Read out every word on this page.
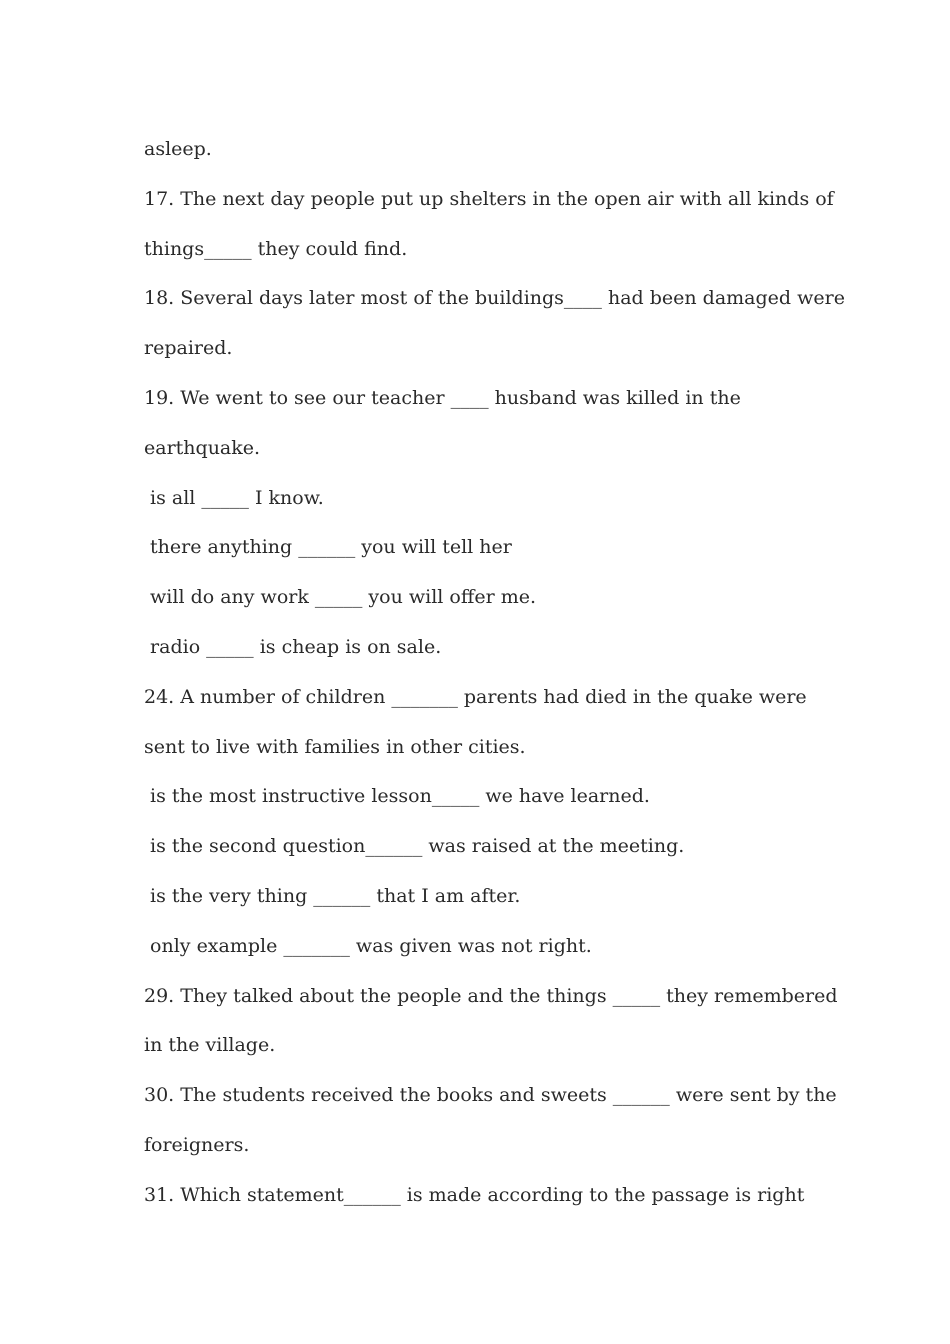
asleep.
17. The next day people put up shelters in the open air with all kinds of
things_____ they could find.
18. Several days later most of the buildings____ had been damaged were
repaired.
19. We went to see our teacher ____ husband was killed in the
earthquake.
is all _____ I know.
there anything ______ you will tell her
will do any work _____ you will offer me.
radio _____ is cheap is on sale.
24. A number of children _______ parents had died in the quake were
sent to live with families in other cities.
is the most instructive lesson_____ we have learned.
is the second question______ was raised at the meeting.
is the very thing ______ that I am after.
only example _______ was given was not right.
29. They talked about the people and the things _____ they remembered
in the village.
30. The students received the books and sweets ______ were sent by the
foreigners.
31. Which statement______ is made according to the passage is right
